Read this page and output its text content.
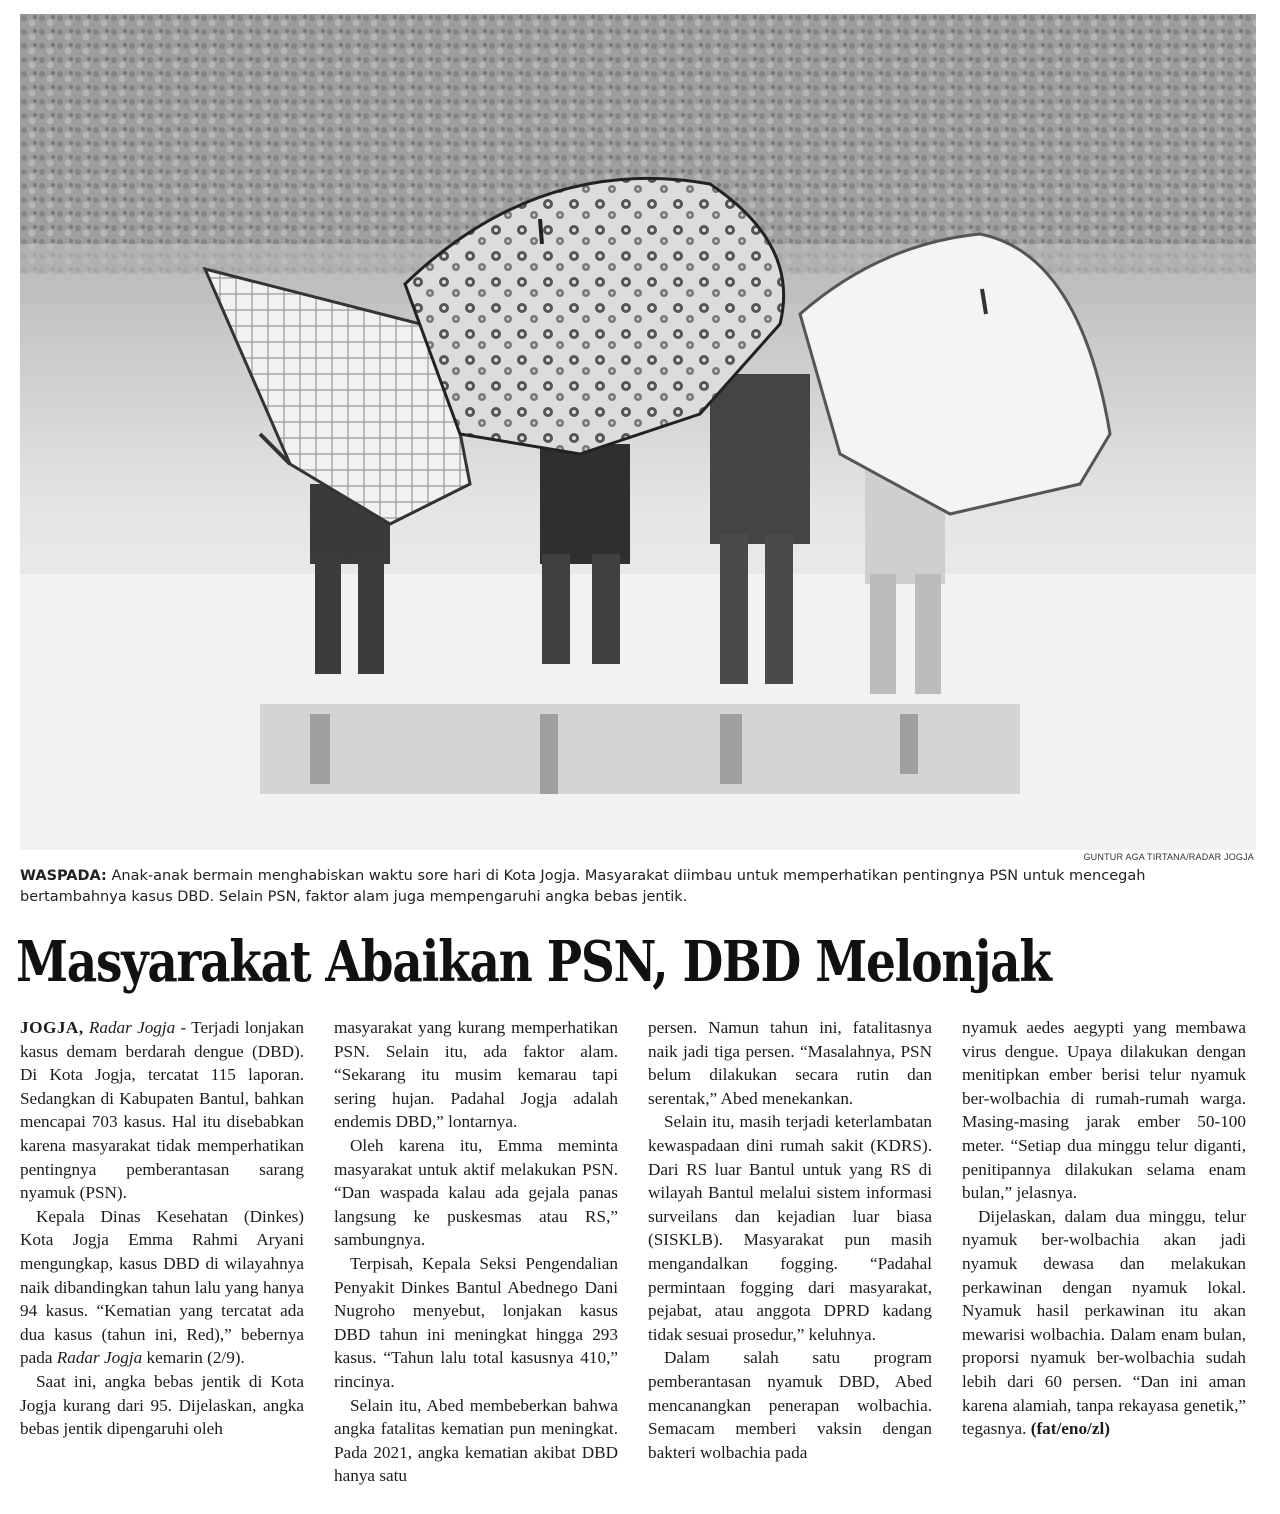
GUNTUR AGA TIRTANA/RADAR JOGJA
WASPADA: Anak-anak bermain menghabiskan waktu sore hari di Kota Jogja. Masyarakat diimbau untuk memperhatikan pentingnya PSN untuk mencegah bertambahnya kasus DBD. Selain PSN, faktor alam juga mempengaruhi angka bebas jentik.
Masyarakat Abaikan PSN, DBD Melonjak

JOGJA, Radar Jogja - Terjadi lonjakan kasus demam berdarah dengue (DBD). Di Kota Jogja, tercatat 115 laporan. Sedangkan di Kabupaten Bantul, bahkan mencapai 703 kasus. Hal itu disebabkan karena masyarakat tidak memperhatikan pentingnya pemberantasan sarang nyamuk (PSN).

Kepala Dinas Kesehatan (Dinkes) Kota Jogja Emma Rahmi Aryani mengungkap, kasus DBD di wilayahnya naik dibandingkan tahun lalu yang hanya 94 kasus. “Kematian yang tercatat ada dua kasus (tahun ini, Red),” bebernya pada Radar Jogja kemarin (2/9).

Saat ini, angka bebas jentik di Kota Jogja kurang dari 95. Dijelaskan, angka bebas jentik dipengaruhi oleh

masyarakat yang kurang memperhatikan PSN. Selain itu, ada faktor alam. “Sekarang itu musim kemarau tapi sering hujan. Padahal Jogja adalah endemis DBD,” lontarnya.

Oleh karena itu, Emma meminta masyarakat untuk aktif melakukan PSN. “Dan waspada kalau ada gejala panas langsung ke puskesmas atau RS,” sambungnya.

Terpisah, Kepala Seksi Pengendalian Penyakit Dinkes Bantul Abednego Dani Nugroho menyebut, lonjakan kasus DBD tahun ini meningkat hingga 293 kasus. “Tahun lalu total kasusnya 410,” rincinya.

Selain itu, Abed membeberkan bahwa angka fatalitas kematian pun meningkat. Pada 2021, angka kematian akibat DBD hanya satu

persen. Namun tahun ini, fatalitasnya naik jadi tiga persen. “Masalahnya, PSN belum dilakukan secara rutin dan serentak,” Abed menekankan.

Selain itu, masih terjadi keterlambatan kewaspadaan dini rumah sakit (KDRS). Dari RS luar Bantul untuk yang RS di wilayah Bantul melalui sistem informasi surveilans dan kejadian luar biasa (SISKLB). Masyarakat pun masih mengandalkan fogging. “Padahal permintaan fogging dari masyarakat, pejabat, atau anggota DPRD kadang tidak sesuai prosedur,” keluhnya.

Dalam salah satu program pemberantasan nyamuk DBD, Abed mencanangkan penerapan wolbachia. Semacam memberi vaksin dengan bakteri wolbachia pada

nyamuk aedes aegypti yang membawa virus dengue. Upaya dilakukan dengan menitipkan ember berisi telur nyamuk ber-wolbachia di rumah-rumah warga. Masing-masing jarak ember 50-100 meter. “Setiap dua minggu telur diganti, penitipannya dilakukan selama enam bulan,” jelasnya.

Dijelaskan, dalam dua minggu, telur nyamuk ber-wolbachia akan jadi nyamuk dewasa dan melakukan perkawinan dengan nyamuk lokal. Nyamuk hasil perkawinan itu akan mewarisi wolbachia. Dalam enam bulan, proporsi nyamuk ber-wolbachia sudah lebih dari 60 persen. “Dan ini aman karena alamiah, tanpa rekayasa genetik,” tegasnya. (fat/eno/zl)
